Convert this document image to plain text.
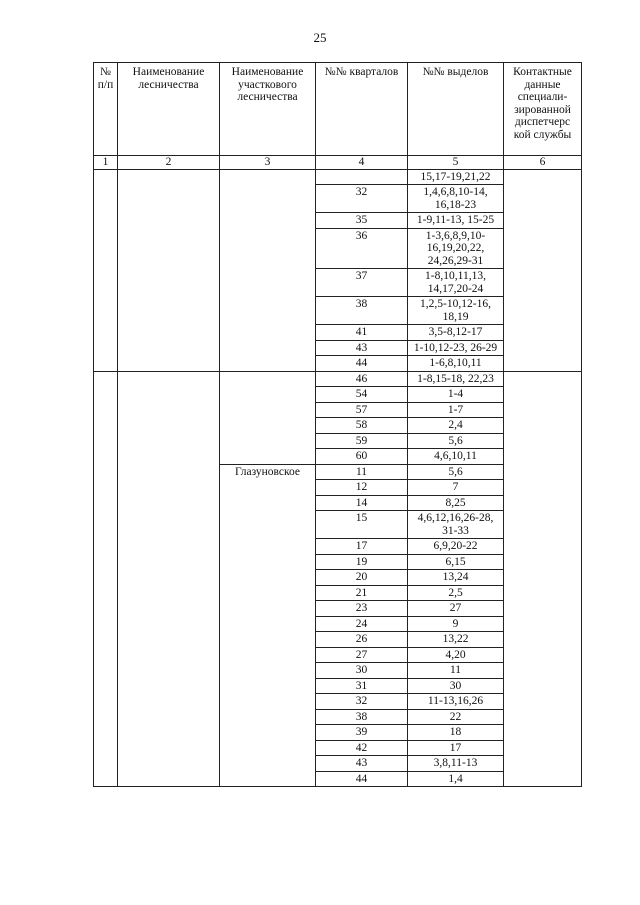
25
№ п/п	Наименование лесничества	Наименование участкового лесничества	№№ кварталов	№№ выделов	Контактные данные специали-зированной диспетчерс кой службы
1	2	3	4	5	6
				15,17-19,21,22	
			32	1,4,6,8,10-14, 16,18-23	
			35	1-9,11-13, 15-25	
			36	1-3,6,8,9,10-16,19,20,22, 24,26,29-31	
			37	1-8,10,11,13, 14,17,20-24	
			38	1,2,5-10,12-16, 18,19	
			41	3,5-8,12-17	
			43	1-10,12-23, 26-29	
			44	1-6,8,10,11	
			46	1-8,15-18, 22,23	
			54	1-4	
			57	1-7	
			58	2,4	
			59	5,6	
			60	4,6,10,11	
		Глазуновское	11	5,6	
			12	7	
			14	8,25	
			15	4,6,12,16,26-28, 31-33	
			17	6,9,20-22	
			19	6,15	
			20	13,24	
			21	2,5	
			23	27	
			24	9	
			26	13,22	
			27	4,20	
			30	11	
			31	30	
			32	11-13,16,26	
			38	22	
			39	18	
			42	17	
			43	3,8,11-13	
			44	1,4	
